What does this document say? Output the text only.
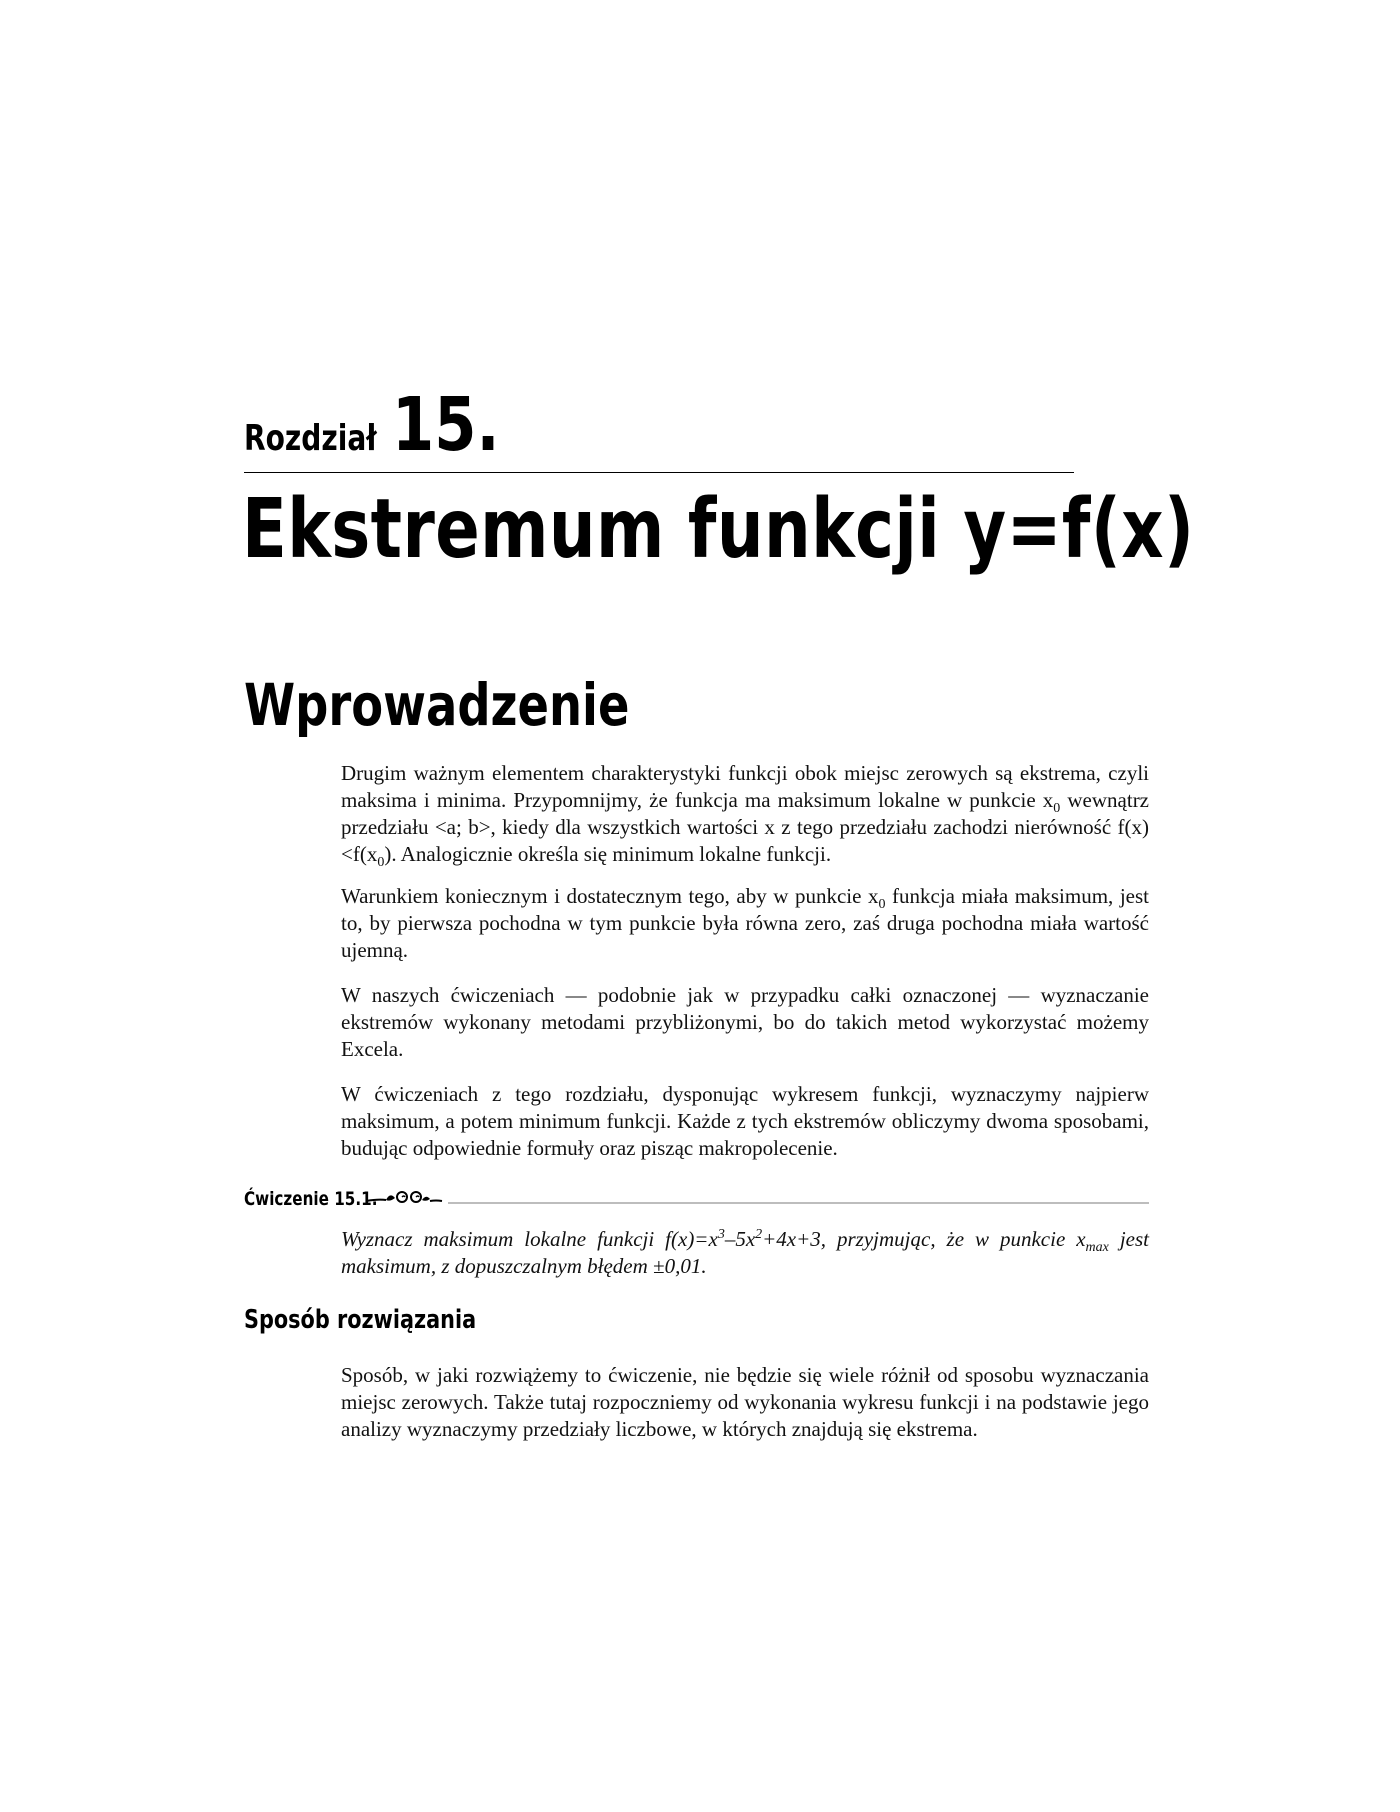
Rozdział 15.
Ekstremum funkcji y=f(x)
Wprowadzenie

Drugim ważnym elementem charakterystyki funkcji obok miejsc zerowych są ekstrema, czyli maksima i minima. Przypomnijmy, że funkcja ma maksimum lokalne w punkcie $x_0$ wewnątrz przedziału <a; b>, kiedy dla wszystkich wartości x z tego przedziału zachodzi nierówność $f(x)<f(x_0)$. Analogicznie określa się minimum lokalne funkcji.

Warunkiem koniecznym i dostatecznym tego, aby w punkcie $x_0$ funkcja miała maksimum, jest to, by pierwsza pochodna w tym punkcie była równa zero, zaś druga pochodna miała wartość ujemną.

W naszych ćwiczeniach — podobnie jak w przypadku całki oznaczonej — wyznaczanie ekstremów wykonany metodami przybliżonymi, bo do takich metod wykorzystać możemy Excela.

W ćwiczeniach z tego rozdziału, dysponując wykresem funkcji, wyznaczymy najpierw maksimum, a potem minimum funkcji. Każde z tych ekstremów obliczymy dwoma sposobami, budując odpowiednie formuły oraz pisząc makropolecenie.

Ćwiczenie 15.1.

Wyznacz maksimum lokalne funkcji $f(x)=x^3-5x^2+4x+3$, przyjmując, że w punkcie $x_{max}$ jest maksimum, z dopuszczalnym błędem ±0,01.

Sposób rozwiązania

Sposób, w jaki rozwiążemy to ćwiczenie, nie będzie się wiele różnił od sposobu wyznaczania miejsc zerowych. Także tutaj rozpoczniemy od wykonania wykresu funkcji i na podstawie jego analizy wyznaczymy przedziały liczbowe, w których znajdują się ekstrema.
